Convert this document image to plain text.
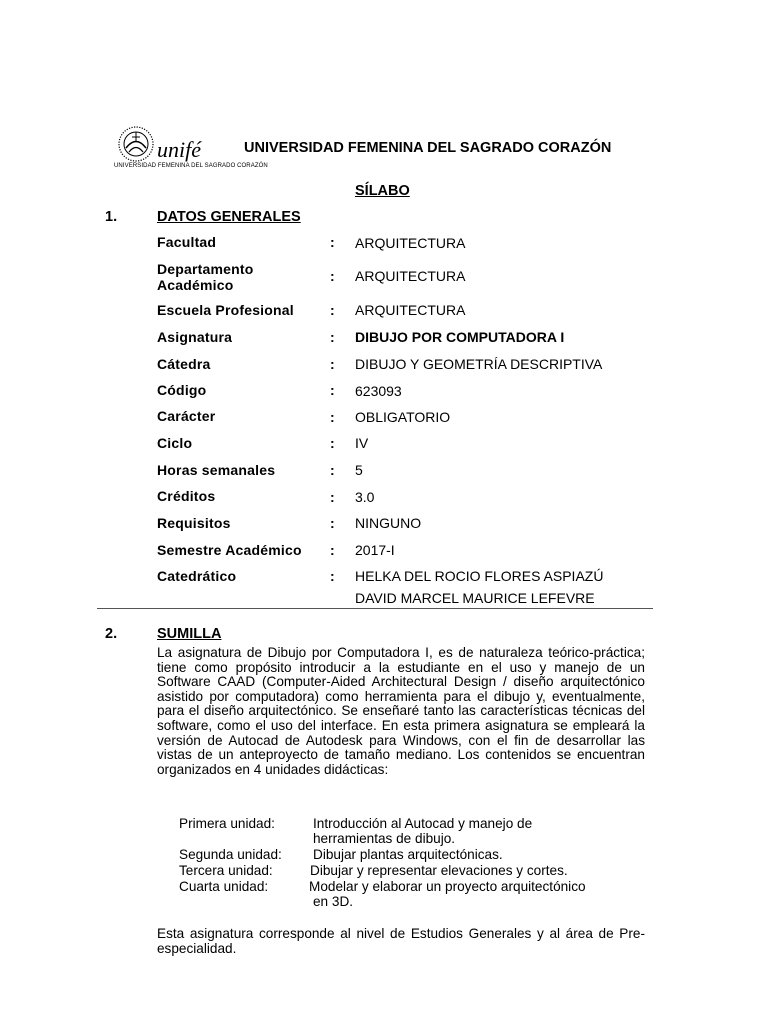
unifé
UNIVERSIDAD FEMENINA DEL SAGRADO CORAZÓN
UNIVERSIDAD FEMENINA DEL SAGRADO CORAZÓN
SÍLABO
1.	DATOS GENERALES
Facultad	: ARQUITECTURA
Departamento Académico
: ARQUITECTURA
Escuela Profesional	: ARQUITECTURA
Asignatura	: DIBUJO POR COMPUTADORA I
Cátedra	: DIBUJO Y GEOMETRÍA DESCRIPTIVA
Código	: 623093
Carácter	: OBLIGATORIO
Ciclo	: IV
Horas semanales	: 5
Créditos	: 3.0
Requisitos	: NINGUNO
Semestre Académico : 2017-I
Catedrático	: HELKA DEL ROCIO FLORES ASPIAZÚ
DAVID MARCEL MAURICE LEFEVRE
2.	SUMILLA
La asignatura de Dibujo por Computadora I, es de naturaleza teórico-práctica; tiene como propósito introducir a la estudiante en el uso y manejo de un Software CAAD (Computer-Aided Architectural Design / diseño arquitectónico asistido por computadora) como herramienta para el dibujo y, eventualmente, para el diseño arquitectónico. Se enseñaré tanto las características técnicas del software, como el uso del interface. En esta primera asignatura se empleará la versión de Autocad de Autodesk para Windows, con el fin de desarrollar las vistas de un anteproyecto de tamaño mediano. Los contenidos se encuentran organizados en 4 unidades didácticas:
Primera unidad:	Introducción al Autocad y manejo de
herramientas de dibujo.
Segunda unidad: Dibujar plantas arquitectónicas.
Tercera unidad:	Dibujar y representar elevaciones y cortes.
Cuarta unidad:	Modelar y elaborar un proyecto arquitectónico
en 3D.
Esta asignatura corresponde al nivel de Estudios Generales y al área de Pre-especialidad.
